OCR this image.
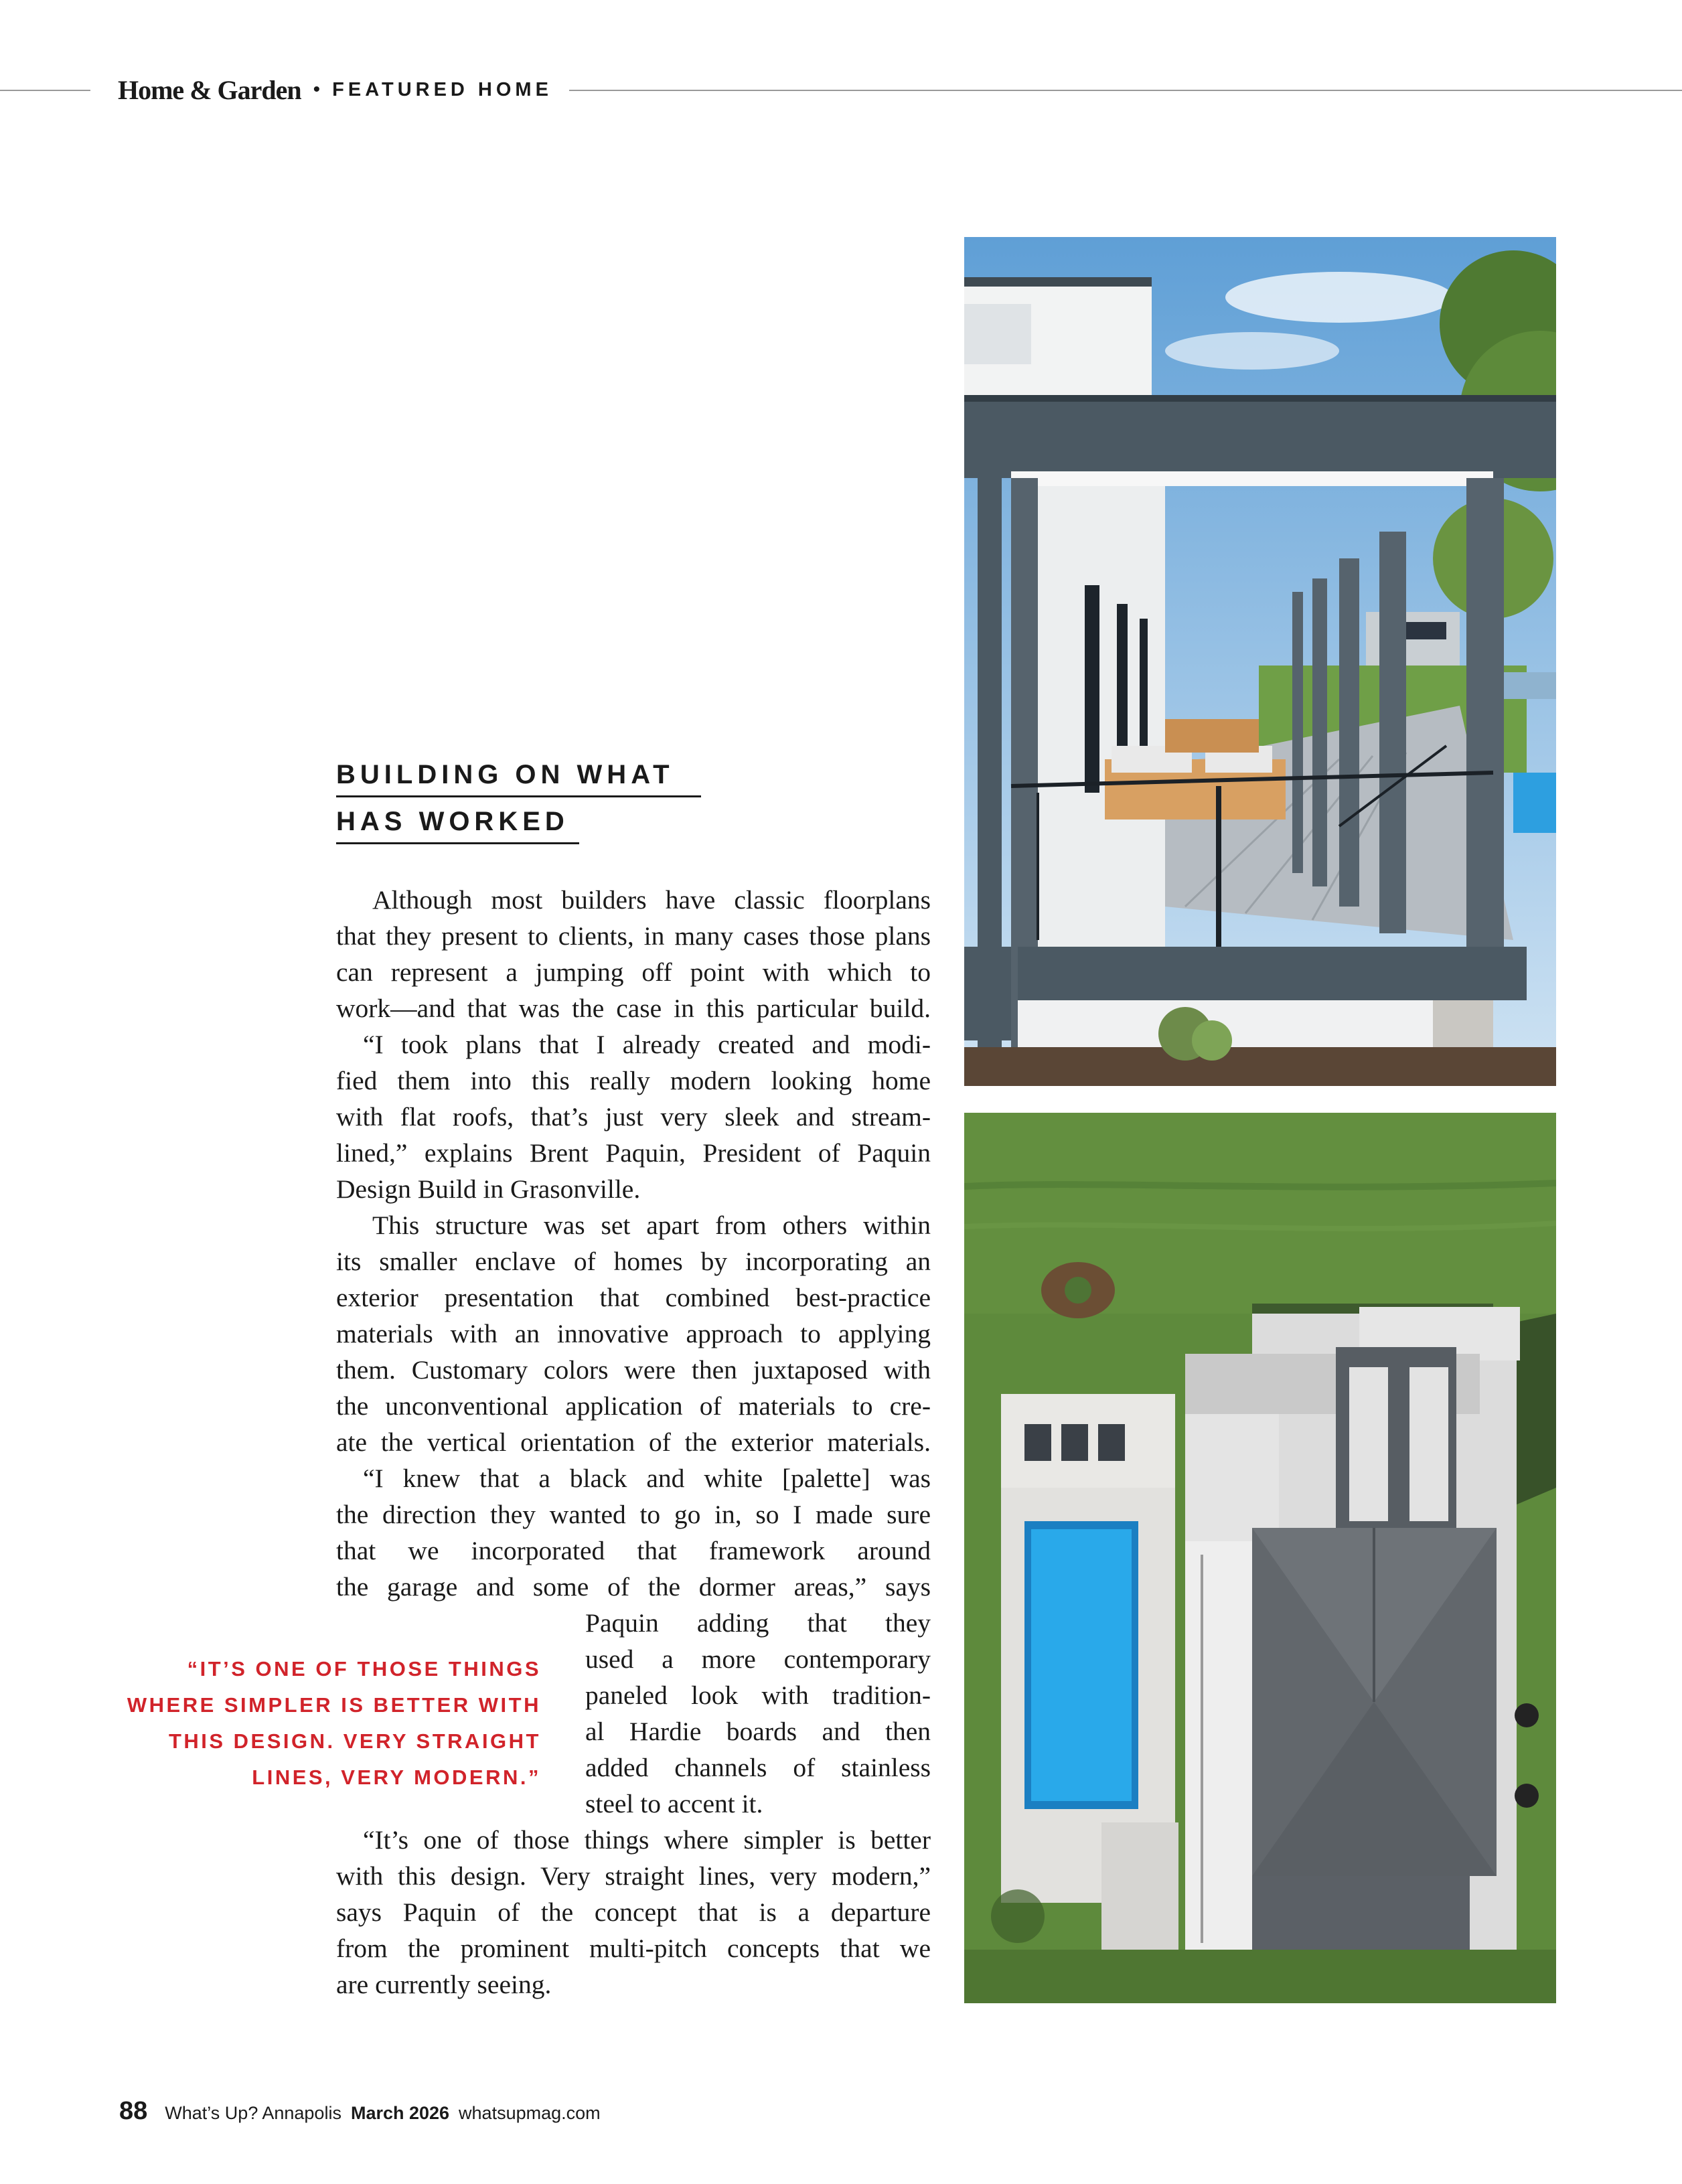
Home & Garden • FEATURED HOME
BUILDING ON WHAT
HAS WORKED
Although most builders have classic floorplans
that they present to clients, in many cases those plans
can represent a jumping off point with which to
work—and that was the case in this particular build.
“I took plans that I already created and modi-
fied them into this really modern looking home
with flat roofs, that’s just very sleek and stream-
lined,” explains Brent Paquin, President of Paquin
Design Build in Grasonville.
This structure was set apart from others within
its smaller enclave of homes by incorporating an
exterior presentation that combined best-practice
materials with an innovative approach to applying
them. Customary colors were then juxtaposed with
the unconventional application of materials to cre-
ate the vertical orientation of the exterior materials.
“I knew that a black and white [palette] was
the direction they wanted to go in, so I made sure
that we incorporated that framework around
the garage and some of the dormer areas,” says
Paquin adding that they
used a more contemporary
paneled look with tradition-
al Hardie boards and then
added channels of stainless
steel to accent it.
“IT’S ONE OF THOSE THINGS
WHERE SIMPLER IS BETTER WITH
THIS DESIGN. VERY STRAIGHT
LINES, VERY MODERN.”
“It’s one of those things where simpler is better
with this design. Very straight lines, very modern,”
says Paquin of the concept that is a departure
from the prominent multi-pitch concepts that we
are currently seeing.
88 What’s Up? Annapolis March 2026 whatsupmag.com
